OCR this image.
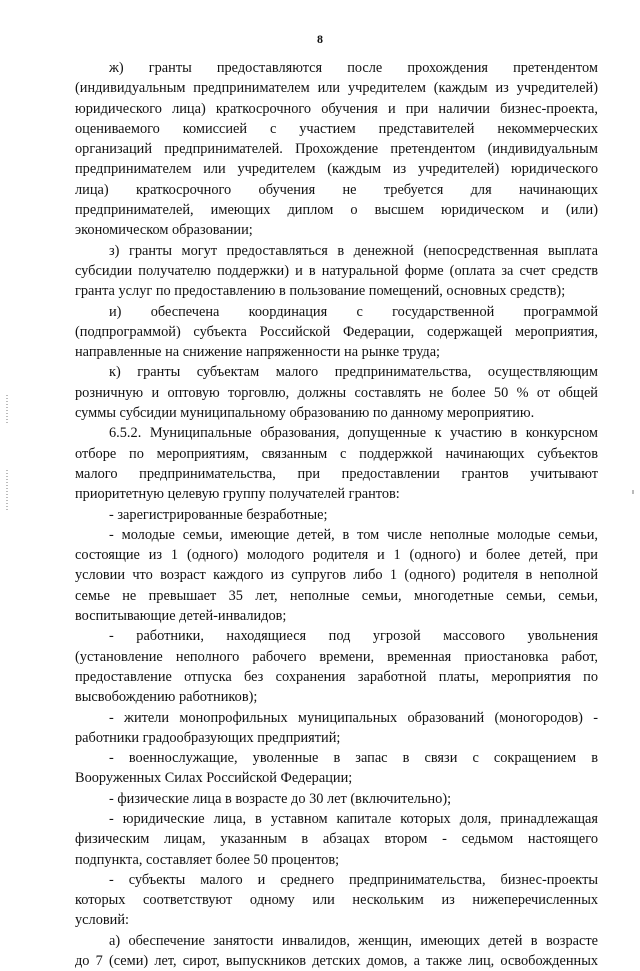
8

ж) гранты предоставляются после прохождения претендентом
(индивидуальным предпринимателем или учредителем (каждым из учредителей)
юридического лица) краткосрочного обучения и при наличии бизнес-проекта,
оцениваемого комиссией с участием представителей некоммерческих
организаций предпринимателей. Прохождение претендентом (индивидуальным
предпринимателем или учредителем (каждым из учредителей) юридического
лица) краткосрочного обучения не требуется для начинающих
предпринимателей, имеющих диплом о высшем юридическом и (или)
экономическом образовании;

з) гранты могут предоставляться в денежной (непосредственная выплата
субсидии получателю поддержки) и в натуральной форме (оплата за счет средств
гранта услуг по предоставлению в пользование помещений, основных средств);

и) обеспечена координация с государственной программой
(подпрограммой) субъекта Российской Федерации, содержащей мероприятия,
направленные на снижение напряженности на рынке труда;

к) гранты субъектам малого предпринимательства, осуществляющим
розничную и оптовую торговлю, должны составлять не более 50 % от общей
суммы субсидии муниципальному образованию по данному мероприятию.

6.5.2. Муниципальные образования, допущенные к участию в конкурсном
отборе по мероприятиям, связанным с поддержкой начинающих субъектов
малого предпринимательства, при предоставлении грантов учитывают
приоритетную целевую группу получателей грантов:

- зарегистрированные безработные;

- молодые семьи, имеющие детей, в том числе неполные молодые семьи,
состоящие из 1 (одного) молодого родителя и 1 (одного) и более детей, при
условии что возраст каждого из супругов либо 1 (одного) родителя в неполной
семье не превышает 35 лет, неполные семьи, многодетные семьи, семьи,
воспитывающие детей-инвалидов;

- работники, находящиеся под угрозой массового увольнения
(установление неполного рабочего времени, временная приостановка работ,
предоставление отпуска без сохранения заработной платы, мероприятия по
высвобождению работников);

- жители монопрофильных муниципальных образований (моногородов) -
работники градообразующих предприятий;

- военнослужащие, уволенные в запас в связи с сокращением в
Вооруженных Силах Российской Федерации;

- физические лица в возрасте до 30 лет (включительно);

- юридические лица, в уставном капитале которых доля, принадлежащая
физическим лицам, указанным в абзацах втором - седьмом настоящего
подпункта, составляет более 50 процентов;

- субъекты малого и среднего предпринимательства, бизнес-проекты
которых соответствуют одному или нескольким из нижеперечисленных
условий:

а) обеспечение занятости инвалидов, женщин, имеющих детей в возрасте
до 7 (семи) лет, сирот, выпускников детских домов, а также лиц, освобожденных
